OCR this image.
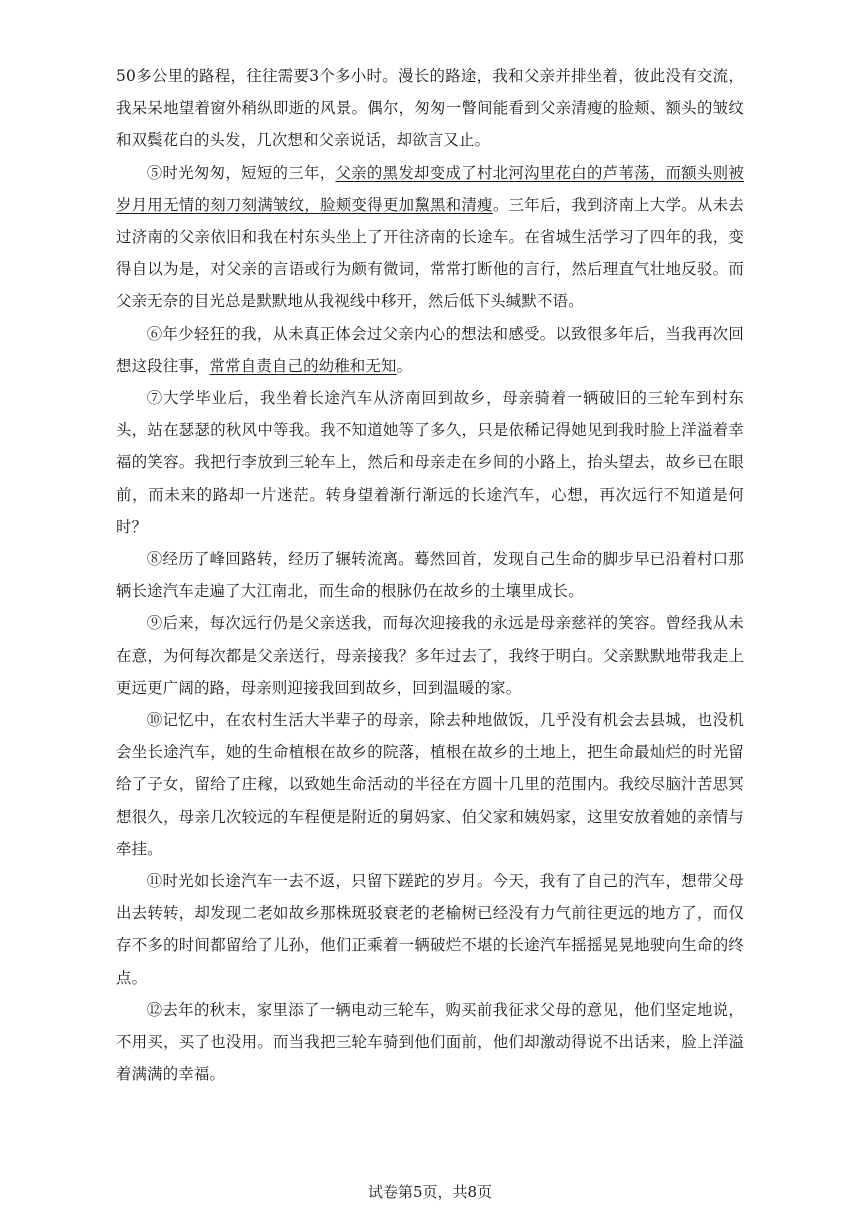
50多公里的路程，往往需要3个多小时。漫长的路途，我和父亲并排坐着，彼此没有交流，我呆呆地望着窗外稍纵即逝的风景。偶尔，匆匆一瞥间能看到父亲清瘦的脸颊、额头的皱纹和双鬓花白的头发，几次想和父亲说话，却欲言又止。

⑤时光匆匆，短短的三年，父亲的黑发却变成了村北河沟里花白的芦苇荡，而额头则被岁月用无情的刻刀刻满皱纹，脸颊变得更加黧黑和清瘦。三年后，我到济南上大学。从未去过济南的父亲依旧和我在村东头坐上了开往济南的长途车。在省城生活学习了四年的我，变得自以为是，对父亲的言语或行为颇有微词，常常打断他的言行，然后理直气壮地反驳。而父亲无奈的目光总是默默地从我视线中移开，然后低下头缄默不语。

⑥年少轻狂的我，从未真正体会过父亲内心的想法和感受。以致很多年后，当我再次回想这段往事，常常自责自己的幼稚和无知。

⑦大学毕业后，我坐着长途汽车从济南回到故乡，母亲骑着一辆破旧的三轮车到村东头，站在瑟瑟的秋风中等我。我不知道她等了多久，只是依稀记得她见到我时脸上洋溢着幸福的笑容。我把行李放到三轮车上，然后和母亲走在乡间的小路上，抬头望去，故乡已在眼前，而未来的路却一片迷茫。转身望着渐行渐远的长途汽车，心想，再次远行不知道是何时？

⑧经历了峰回路转，经历了辗转流离。蓦然回首，发现自己生命的脚步早已沿着村口那辆长途汽车走遍了大江南北，而生命的根脉仍在故乡的土壤里成长。

⑨后来，每次远行仍是父亲送我，而每次迎接我的永远是母亲慈祥的笑容。曾经我从未在意，为何每次都是父亲送行，母亲接我？多年过去了，我终于明白。父亲默默地带我走上更远更广阔的路，母亲则迎接我回到故乡，回到温暖的家。

⑩记忆中，在农村生活大半辈子的母亲，除去种地做饭，几乎没有机会去县城，也没机会坐长途汽车，她的生命植根在故乡的院落，植根在故乡的土地上，把生命最灿烂的时光留给了子女，留给了庄稼，以致她生命活动的半径在方圆十几里的范围内。我绞尽脑汁苦思冥想很久，母亲几次较远的车程便是附近的舅妈家、伯父家和姨妈家，这里安放着她的亲情与牵挂。

⑪时光如长途汽车一去不返，只留下蹉跎的岁月。今天，我有了自己的汽车，想带父母出去转转，却发现二老如故乡那株斑驳衰老的老榆树已经没有力气前往更远的地方了，而仅存不多的时间都留给了儿孙，他们正乘着一辆破烂不堪的长途汽车摇摇晃晃地驶向生命的终点。

⑫去年的秋末，家里添了一辆电动三轮车，购买前我征求父母的意见，他们坚定地说，不用买，买了也没用。而当我把三轮车骑到他们面前，他们却激动得说不出话来，脸上洋溢着满满的幸福。

试卷第5页，共8页
